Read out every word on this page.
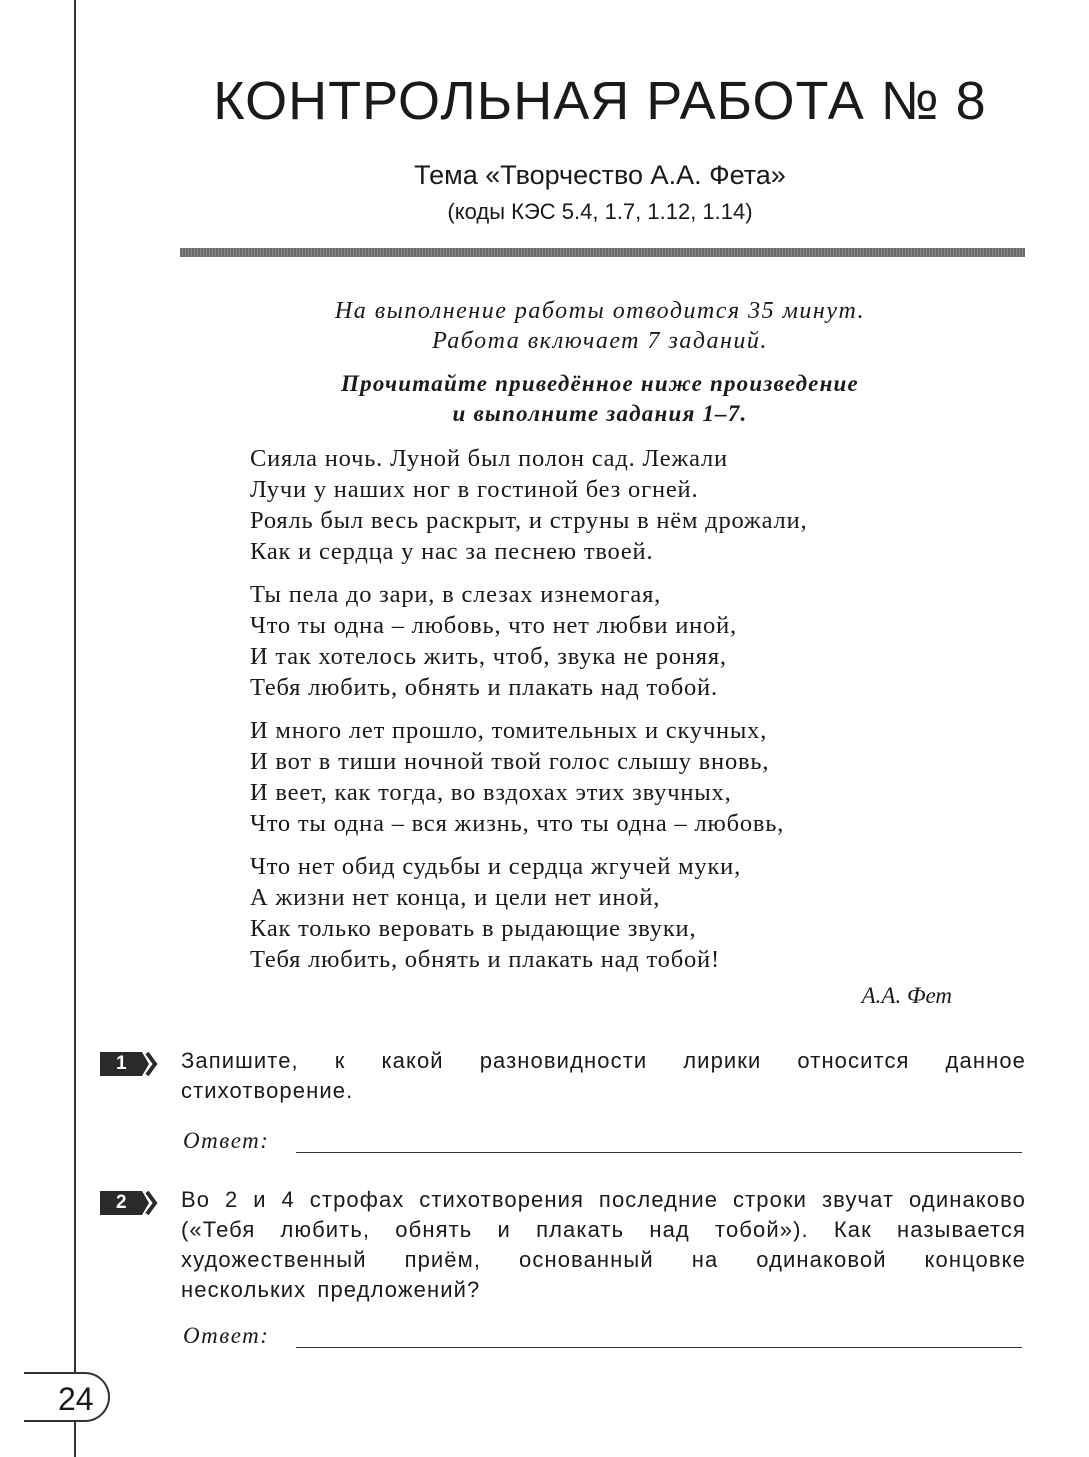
КОНТРОЛЬНАЯ РАБОТА № 8
Тема «Творчество А.А. Фета»
(коды КЭС 5.4, 1.7, 1.12, 1.14)
На выполнение работы отводится 35 минут.
Работа включает 7 заданий.
Прочитайте приведённое ниже произведение
и выполните задания 1–7.
Сияла ночь. Луной был полон сад. Лежали
Лучи у наших ног в гостиной без огней.
Рояль был весь раскрыт, и струны в нём дрожали,
Как и сердца у нас за песнею твоей.
Ты пела до зари, в слезах изнемогая,
Что ты одна – любовь, что нет любви иной,
И так хотелось жить, чтоб, звука не роняя,
Тебя любить, обнять и плакать над тобой.
И много лет прошло, томительных и скучных,
И вот в тиши ночной твой голос слышу вновь,
И веет, как тогда, во вздохах этих звучных,
Что ты одна – вся жизнь, что ты одна – любовь,
Что нет обид судьбы и сердца жгучей муки,
А жизни нет конца, и цели нет иной,
Как только веровать в рыдающие звуки,
Тебя любить, обнять и плакать над тобой!
А.А. Фет
1 Запишите, к какой разновидности лирики относится данное стихотворение.
Ответ:
2 Во 2 и 4 строфах стихотворения последние строки звучат одинаково («Тебя любить, обнять и плакать над тобой»). Как называется художественный приём, основанный на одинаковой концовке нескольких предложений?
Ответ:
24
